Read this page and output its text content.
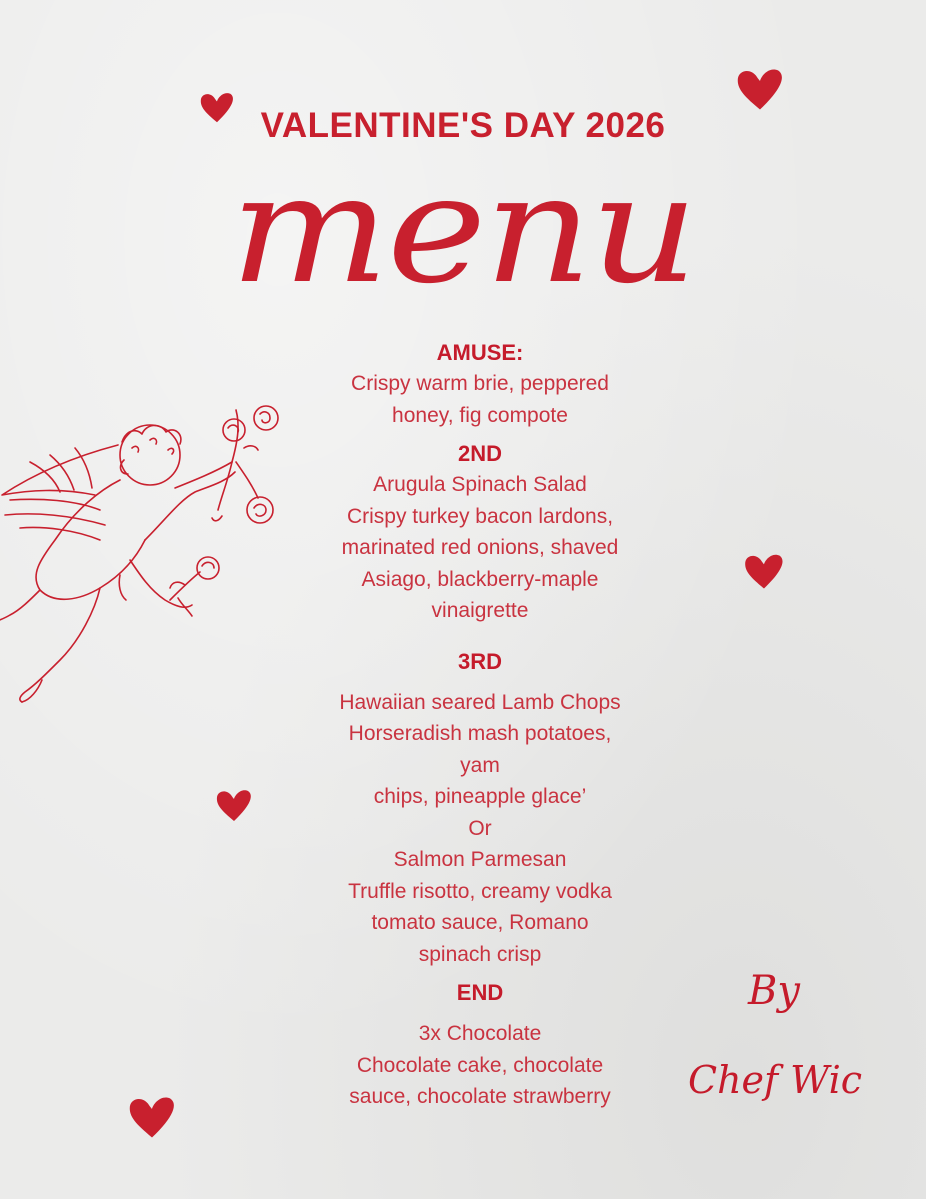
VALENTINE'S DAY 2026
menu
AMUSE:
Crispy warm brie, peppered
honey, fig compote
2ND
Arugula Spinach Salad
Crispy turkey bacon lardons,
marinated red onions, shaved
Asiago, blackberry-maple
vinaigrette
3RD
Hawaiian seared Lamb Chops
Horseradish mash potatoes,
yam
chips, pineapple glace’
Or
Salmon Parmesan
Truffle risotto, creamy vodka
tomato sauce, Romano
spinach crisp
END
3x Chocolate
Chocolate cake, chocolate
sauce, chocolate strawberry
By
Chef Wic
